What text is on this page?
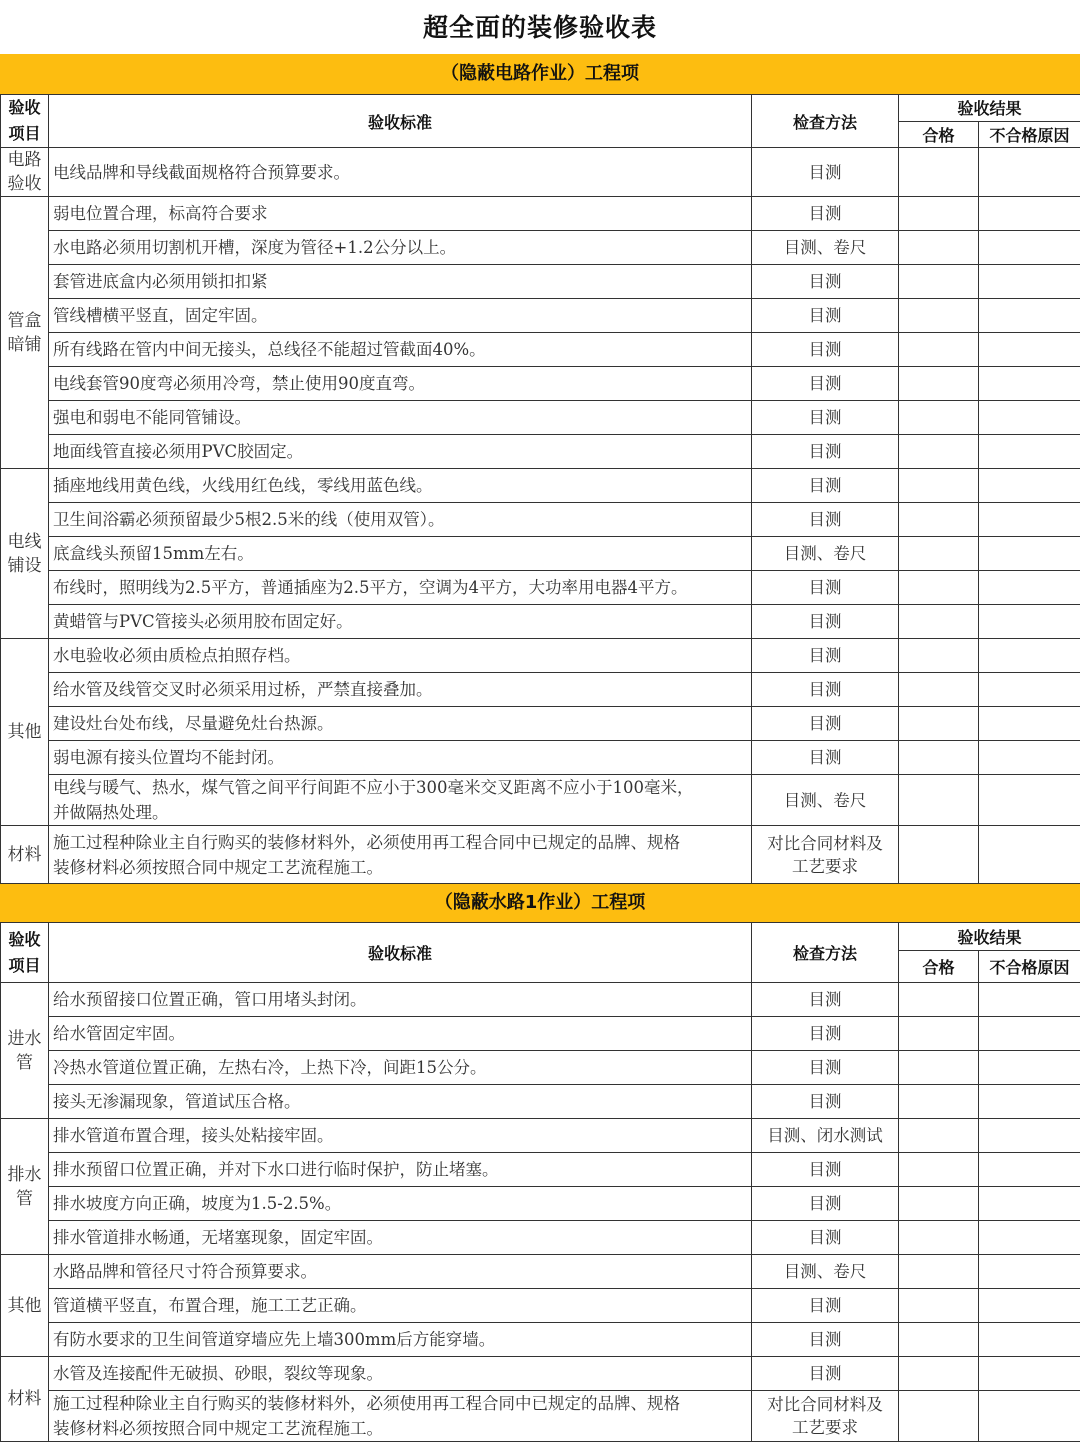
超全面的装修验收表
（隐蔽电路作业）工程项
验收项目	验收标准	检查方法	验收结果	
			合格	不合格原因
电路验收	电线品牌和导线截面规格符合预算要求。	目测		
管盒暗铺	弱电位置合理，标高符合要求	目测		
	水电路必须用切割机开槽，深度为管径+1.2公分以上。	目测、卷尺		
	套管进底盒内必须用锁扣扣紧	目测		
	管线槽横平竖直，固定牢固。	目测		
	所有线路在管内中间无接头，总线径不能超过管截面40%。	目测		
	电线套管90度弯必须用冷弯，禁止使用90度直弯。	目测		
	强电和弱电不能同管铺设。	目测		
	地面线管直接必须用PVC胶固定。	目测		
电线铺设	插座地线用黄色线，火线用红色线，零线用蓝色线。	目测		
	卫生间浴霸必须预留最少5根2.5米的线（使用双管）。	目测		
	底盒线头预留15mm左右。	目测、卷尺		
	布线时，照明线为2.5平方，普通插座为2.5平方，空调为4平方，大功率用电器4平方。	目测		
	黄蜡管与PVC管接头必须用胶布固定好。	目测		
其他	水电验收必须由质检点拍照存档。	目测		
	给水管及线管交叉时必须采用过桥，严禁直接叠加。	目测		
	建设灶台处布线，尽量避免灶台热源。	目测		
	弱电源有接头位置均不能封闭。	目测		
	电线与暖气、热水，煤气管之间平行间距不应小于300毫米交叉距离不应小于100毫米，
并做隔热处理。	目测、卷尺		
材料	施工过程种除业主自行购买的装修材料外，必须使用再工程合同中已规定的品牌、规格
装修材料必须按照合同中规定工艺流程施工。	对比合同材料及
工艺要求		
（隐蔽水路1作业）工程项
验收项目	验收标准	检查方法	验收结果	
			合格	不合格原因
进水管	给水预留接口位置正确，管口用堵头封闭。	目测		
	给水管固定牢固。	目测		
	冷热水管道位置正确，左热右冷，上热下冷，间距15公分。	目测		
	接头无渗漏现象，管道试压合格。	目测		
排水管	排水管道布置合理，接头处粘接牢固。	目测、闭水测试		
	排水预留口位置正确，并对下水口进行临时保护，防止堵塞。	目测		
	排水坡度方向正确，坡度为1.5-2.5%。	目测		
	排水管道排水畅通，无堵塞现象，固定牢固。	目测		
其他	水路品牌和管径尺寸符合预算要求。	目测、卷尺		
	管道横平竖直，布置合理，施工工艺正确。	目测		
	有防水要求的卫生间管道穿墙应先上墙300mm后方能穿墙。	目测		
材料	水管及连接配件无破损、砂眼，裂纹等现象。	目测		
	施工过程种除业主自行购买的装修材料外，必须使用再工程合同中已规定的品牌、规格
装修材料必须按照合同中规定工艺流程施工。	对比合同材料及
工艺要求		
